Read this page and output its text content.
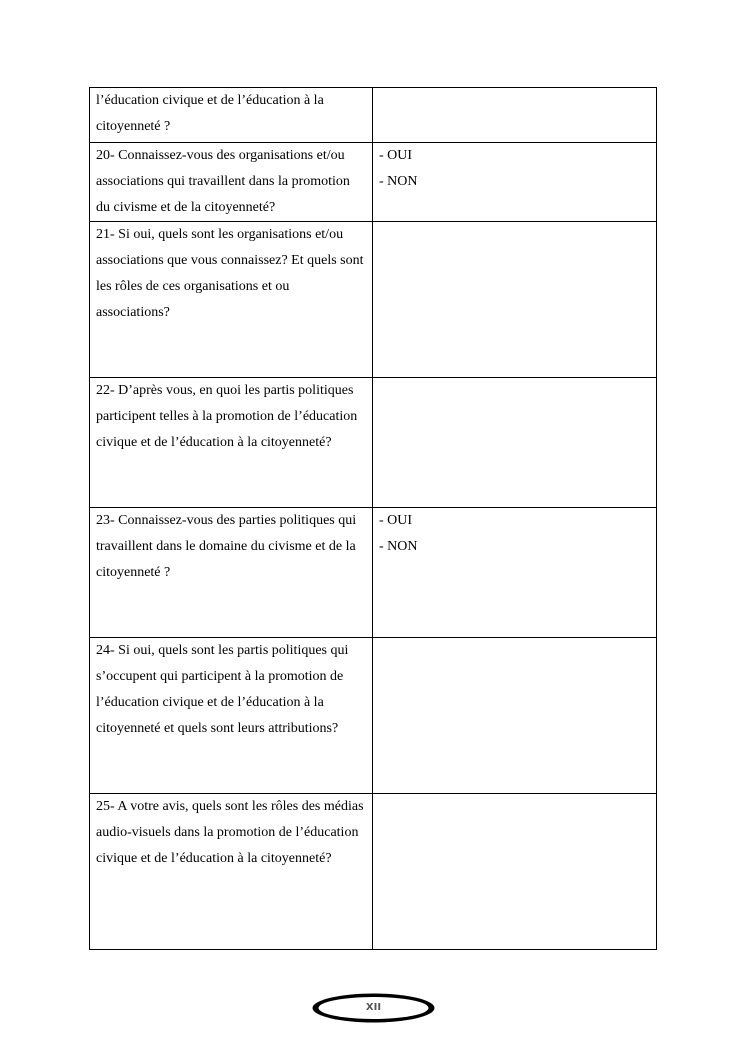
l’éducation civique et de l’éducation à la citoyenneté ?	
20- Connaissez-vous des organisations et/ou associations qui travaillent dans la promotion du civisme et de la citoyenneté?	- OUI
- NON

21- Si oui, quels sont les organisations et/ou associations que vous connaissez? Et quels sont les rôles de ces organisations et ou associations?	
22- D’après vous, en quoi les partis politiques participent telles à la promotion de l’éducation civique et de l’éducation à la citoyenneté?	
23- Connaissez-vous des parties politiques qui travaillent dans le domaine du civisme et de la citoyenneté ?	- OUI
- NON

24- Si oui, quels sont les partis politiques qui s’occupent qui participent à la promotion de l’éducation civique et de l’éducation à la citoyenneté et quels sont leurs attributions?	
25- A votre avis, quels sont les rôles des médias audio-visuels dans la promotion de l’éducation civique et de l’éducation à la citoyenneté?	
XII
